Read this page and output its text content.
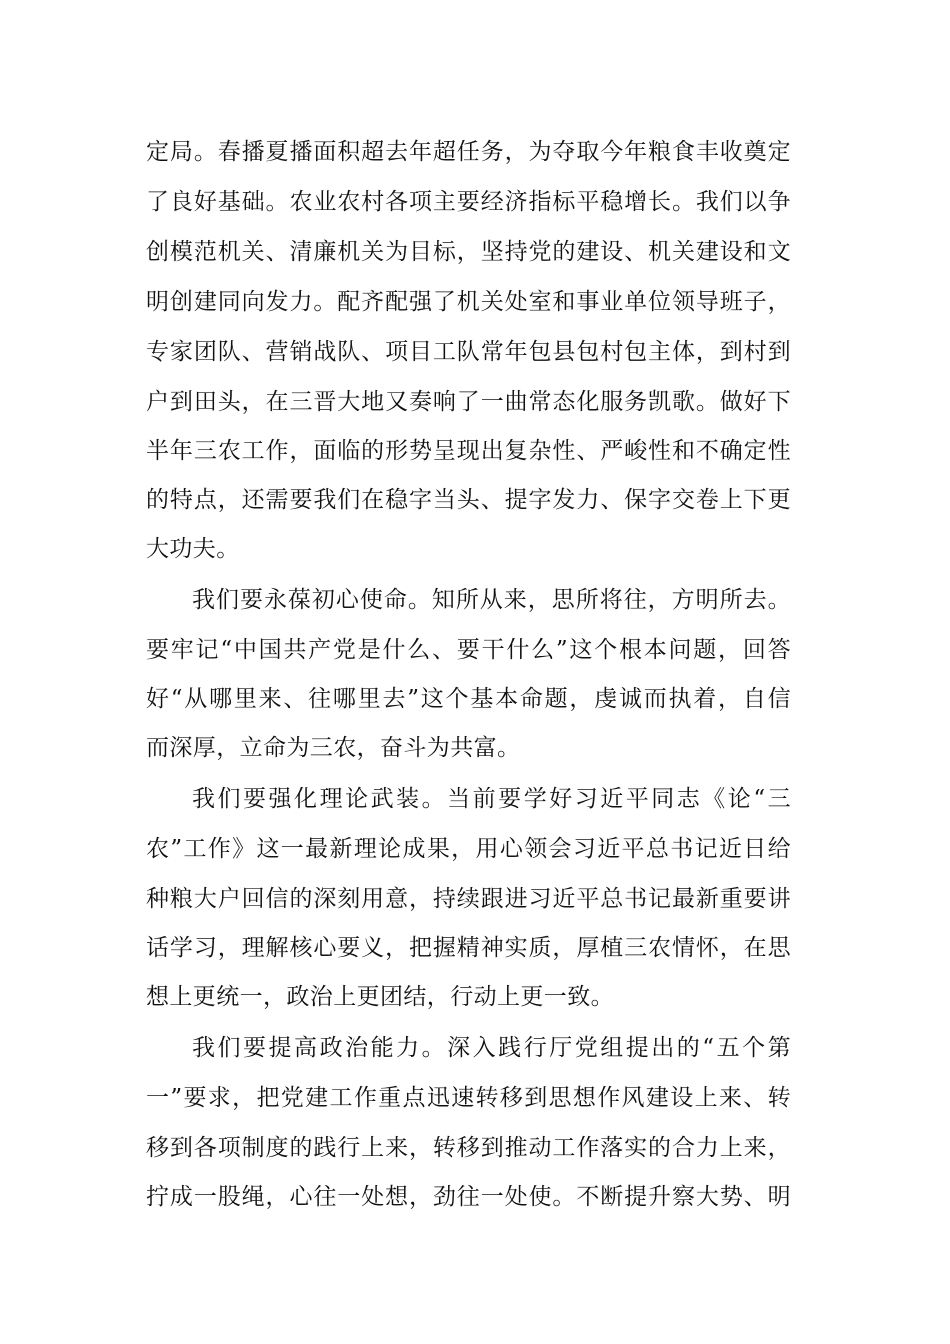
定局。春播夏播面积超去年超任务，为夺取今年粮食丰收奠定
了良好基础。农业农村各项主要经济指标平稳增长。我们以争
创模范机关、清廉机关为目标，坚持党的建设、机关建设和文
明创建同向发力。配齐配强了机关处室和事业单位领导班子，
专家团队、营销战队、项目工队常年包县包村包主体，到村到
户到田头，在三晋大地又奏响了一曲常态化服务凯歌。做好下
半年三农工作，面临的形势呈现出复杂性、严峻性和不确定性
的特点，还需要我们在稳字当头、提字发力、保字交卷上下更
大功夫。
我们要永葆初心使命。知所从来，思所将往，方明所去。
要牢记“中国共产党是什么、要干什么”这个根本问题，回答
好“从哪里来、往哪里去”这个基本命题，虔诚而执着，自信
而深厚，立命为三农，奋斗为共富。
我们要强化理论武装。当前要学好习近平同志《论“三
农”工作》这一最新理论成果，用心领会习近平总书记近日给
种粮大户回信的深刻用意，持续跟进习近平总书记最新重要讲
话学习，理解核心要义，把握精神实质，厚植三农情怀，在思
想上更统一，政治上更团结，行动上更一致。
我们要提高政治能力。深入践行厅党组提出的“五个第
一”要求，把党建工作重点迅速转移到思想作风建设上来、转
移到各项制度的践行上来，转移到推动工作落实的合力上来，
拧成一股绳，心往一处想，劲往一处使。不断提升察大势、明
